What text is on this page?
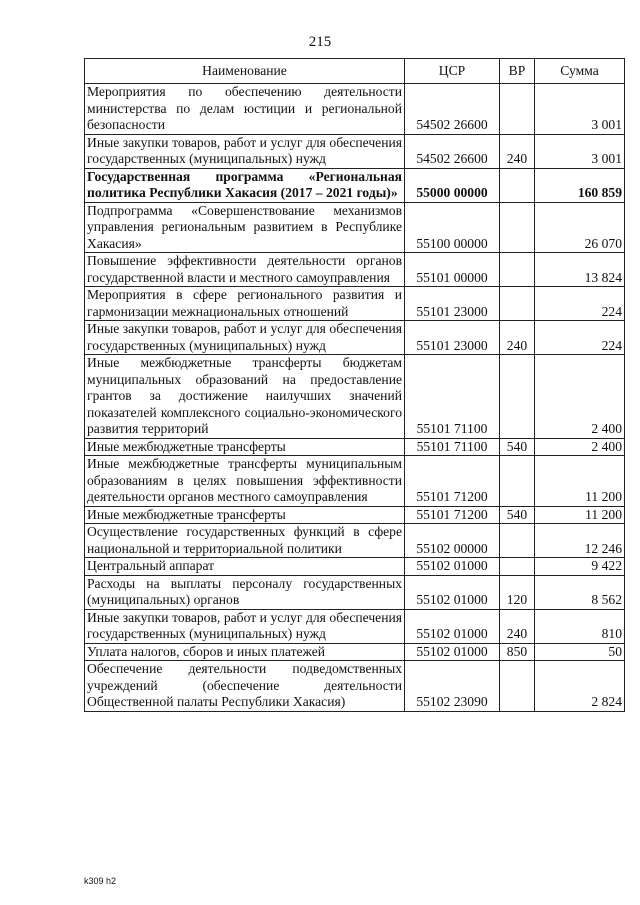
215
Наименование	ЦСР	ВР	Сумма
Мероприятия по обеспечению деятельности министерства по делам юстиции и региональной безопасности	54502 26600		3 001
Иные закупки товаров, работ и услуг для обеспечения государственных (муниципальных) нужд	54502 26600	240	3 001
Государственная программа «Региональная политика Республики Хакасия (2017 – 2021 годы)»	55000 00000		160 859
Подпрограмма «Совершенствование механизмов управления региональным развитием в Республике Хакасия»	55100 00000		26 070
Повышение эффективности деятельности органов государственной власти и местного самоуправления	55101 00000		13 824
Мероприятия в сфере регионального развития и гармонизации межнациональных отношений	55101 23000		224
Иные закупки товаров, работ и услуг для обеспечения государственных (муниципальных) нужд	55101 23000	240	224
Иные межбюджетные трансферты бюджетам муниципальных образований на предоставление грантов за достижение наилучших значений показателей комплексного социально-экономического развития территорий	55101 71100		2 400
Иные межбюджетные трансферты	55101 71100	540	2 400
Иные межбюджетные трансферты муниципальным образованиям в целях повышения эффективности деятельности органов местного самоуправления	55101 71200		11 200
Иные межбюджетные трансферты	55101 71200	540	11 200
Осуществление государственных функций в сфере национальной и территориальной политики	55102 00000		12 246
Центральный аппарат	55102 01000		9 422
Расходы на выплаты персоналу государственных (муниципальных) органов	55102 01000	120	8 562
Иные закупки товаров, работ и услуг для обеспечения государственных (муниципальных) нужд	55102 01000	240	810
Уплата налогов, сборов и иных платежей	55102 01000	850	50
Обеспечение деятельности подведомственных учреждений (обеспечение деятельности Общественной палаты Республики Хакасия)	55102 23090		2 824
k309 h2
